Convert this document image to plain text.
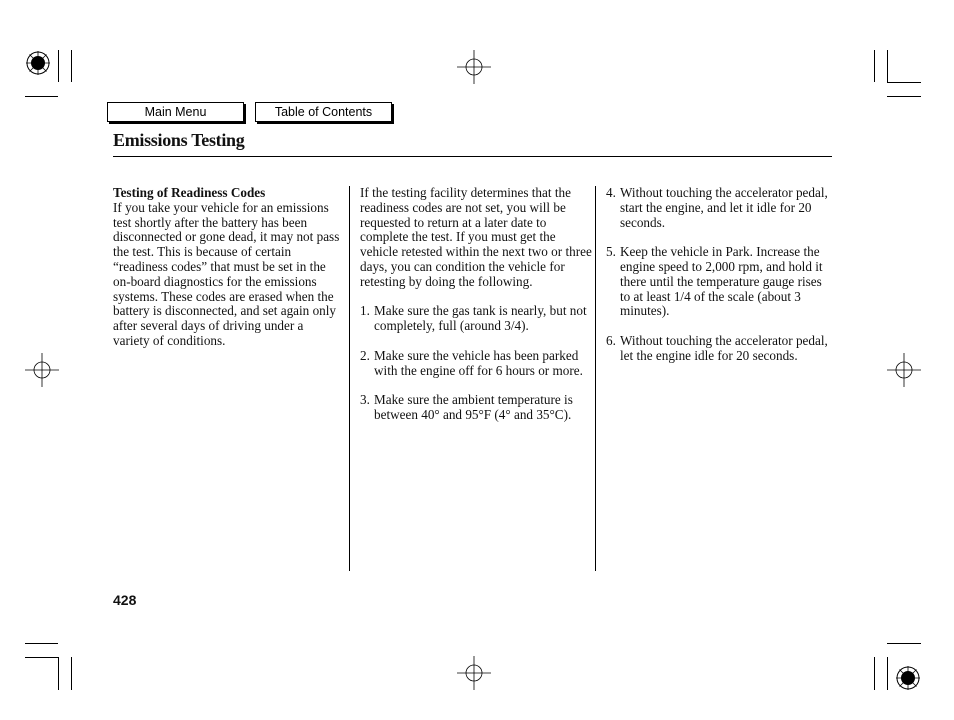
Main Menu	Table of Contents
Emissions Testing
Testing of Readiness Codes
If you take your vehicle for an emissions test shortly after the battery has been disconnected or gone dead, it may not pass the test. This is because of certain “readiness codes” that must be set in the on-board diagnostics for the emissions systems. These codes are erased when the battery is disconnected, and set again only after several days of driving under a variety of conditions.
If the testing facility determines that the readiness codes are not set, you will be requested to return at a later date to complete the test. If you must get the vehicle retested within the next two or three days, you can condition the vehicle for retesting by doing the following.
1. Make sure the gas tank is nearly, but not completely, full (around 3/4).
2. Make sure the vehicle has been parked with the engine off for 6 hours or more.
3. Make sure the ambient temperature is between 40° and 95°F (4° and 35°C).
4. Without touching the accelerator pedal, start the engine, and let it idle for 20 seconds.
5. Keep the vehicle in Park. Increase the engine speed to 2,000 rpm, and hold it there until the temperature gauge rises to at least 1/4 of the scale (about 3 minutes).
6. Without touching the accelerator pedal, let the engine idle for 20 seconds.
428
